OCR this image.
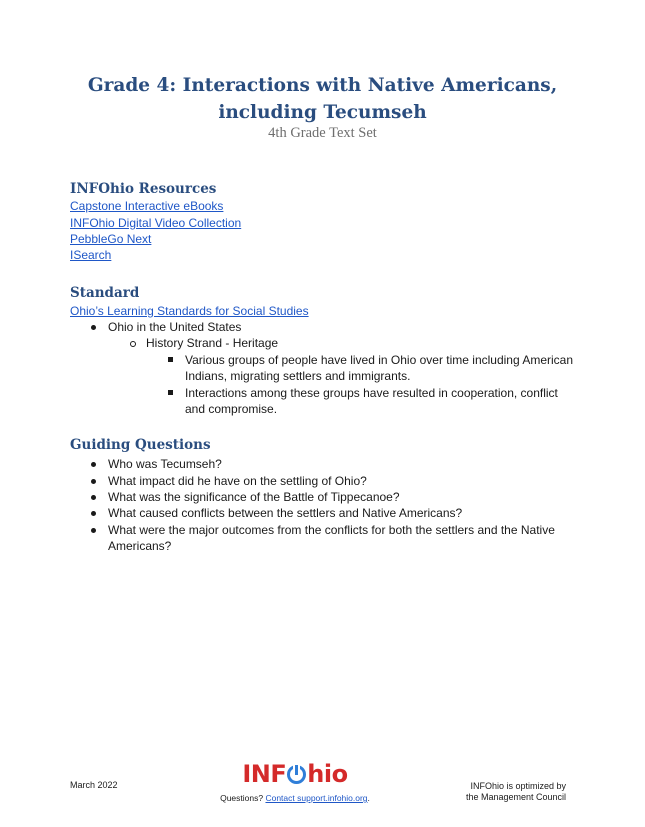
Grade 4: Interactions with Native Americans,
including Tecumseh
4th Grade Text Set
INFOhio Resources
Capstone Interactive eBooks
INFOhio Digital Video Collection
PebbleGo Next
ISearch
Standard
Ohio’s Learning Standards for Social Studies
Ohio in the United States
History Strand - Heritage
Various groups of people have lived in Ohio over time including American
Indians, migrating settlers and immigrants.
Interactions among these groups have resulted in cooperation, conflict
and compromise.
Guiding Questions
Who was Tecumseh?
What impact did he have on the settling of Ohio?
What was the significance of the Battle of Tippecanoe?
What caused conflicts between the settlers and Native Americans?
What were the major outcomes from the conflicts for both the settlers and the Native
Americans?
March 2022	INF hio
Questions? Contact support.infohio.org.
INFOhio is optimized by
the Management Council
